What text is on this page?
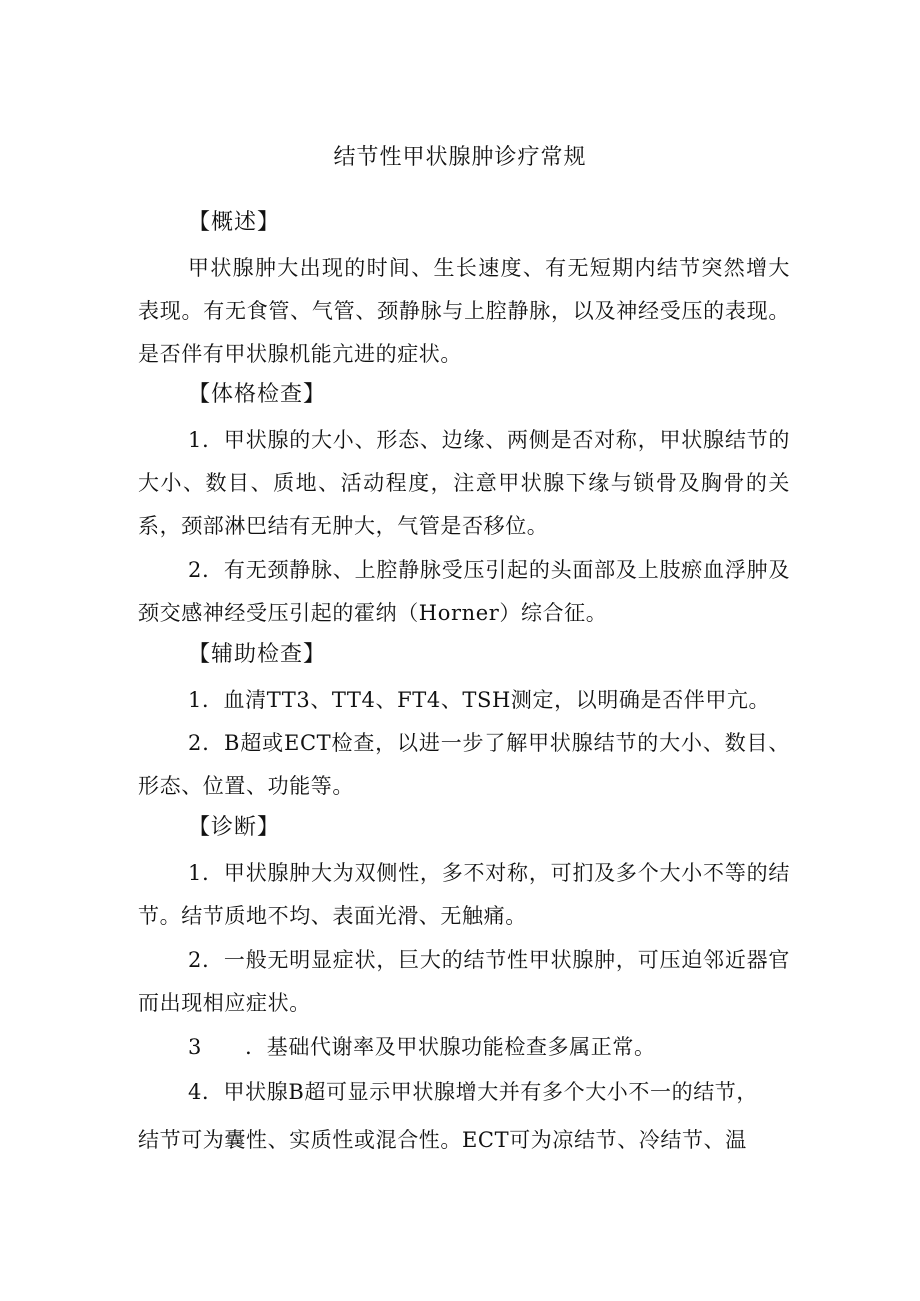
结节性甲状腺肿诊疗常规
【概述】
甲状腺肿大出现的时间、生长速度、有无短期内结节突然增大表现。有无食管、气管、颈静脉与上腔静脉，以及神经受压的表现。是否伴有甲状腺机能亢进的症状。
【体格检查】
1．甲状腺的大小、形态、边缘、两侧是否对称，甲状腺结节的大小、数目、质地、活动程度，注意甲状腺下缘与锁骨及胸骨的关系，颈部淋巴结有无肿大，气管是否移位。
2．有无颈静脉、上腔静脉受压引起的头面部及上肢瘀血浮肿及颈交感神经受压引起的霍纳（Horner）综合征。
【辅助检查】
1．血清TT3、TT4、FT4、TSH测定，以明确是否伴甲亢。
2．B超或ECT检查，以进一步了解甲状腺结节的大小、数目、形态、位置、功能等。
【诊断】
1．甲状腺肿大为双侧性，多不对称，可扪及多个大小不等的结节。结节质地不均、表面光滑、无触痛。
2．一般无明显症状，巨大的结节性甲状腺肿，可压迫邻近器官而出现相应症状。
3　　．基础代谢率及甲状腺功能检查多属正常。
4．甲状腺B超可显示甲状腺增大并有多个大小不一的结节，
结节可为囊性、实质性或混合性。ECT可为凉结节、冷结节、温
